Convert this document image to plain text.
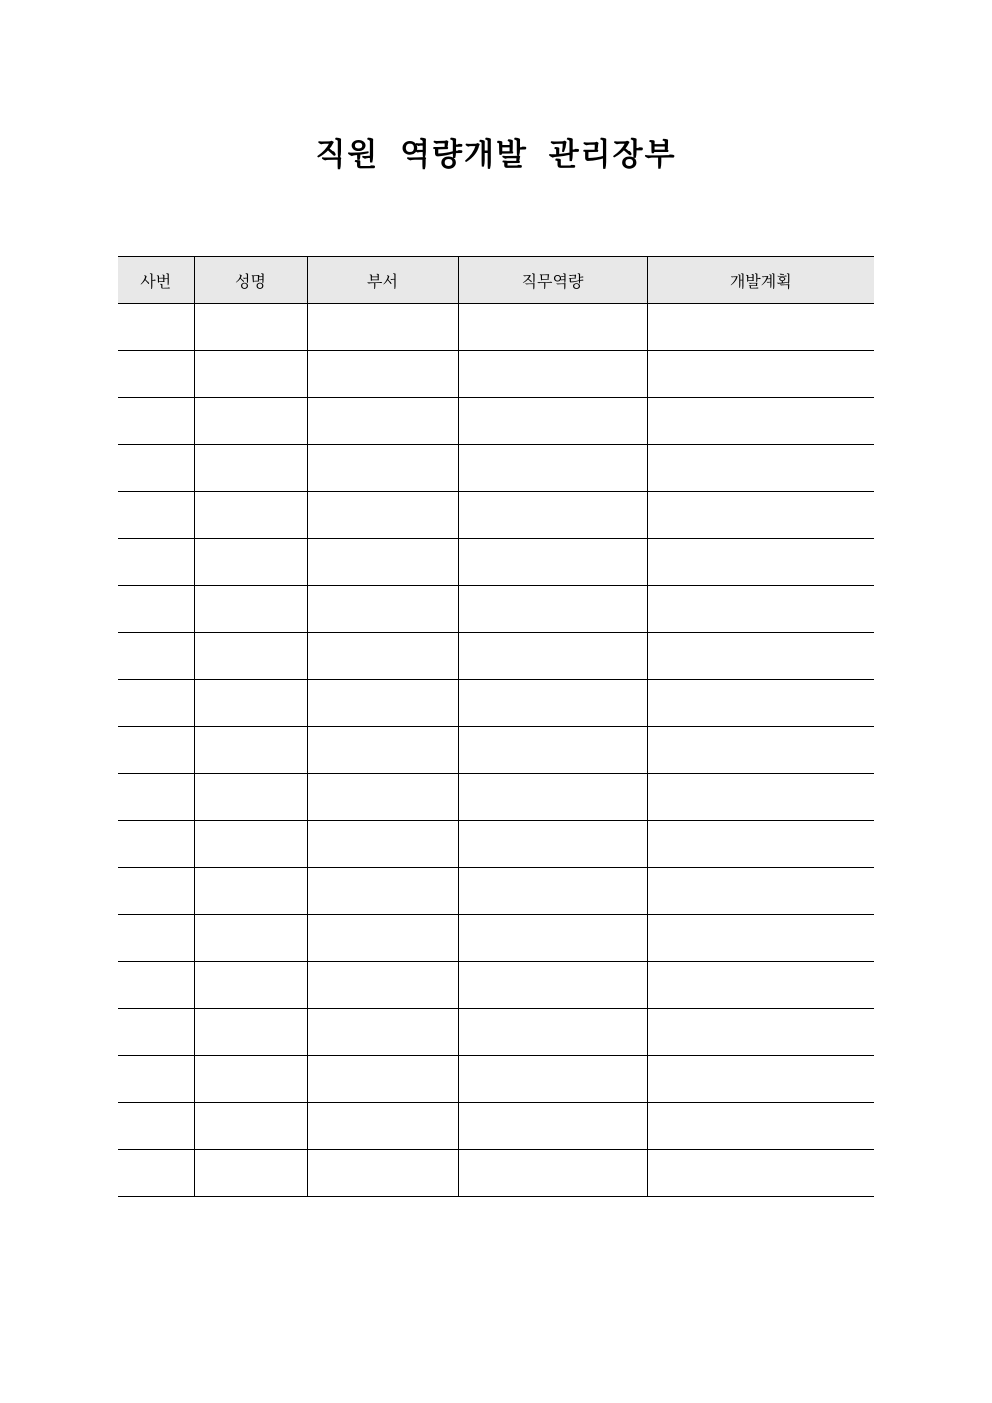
직원 역량개발 관리장부
사번	성명	부서	직무역량	개발계획
